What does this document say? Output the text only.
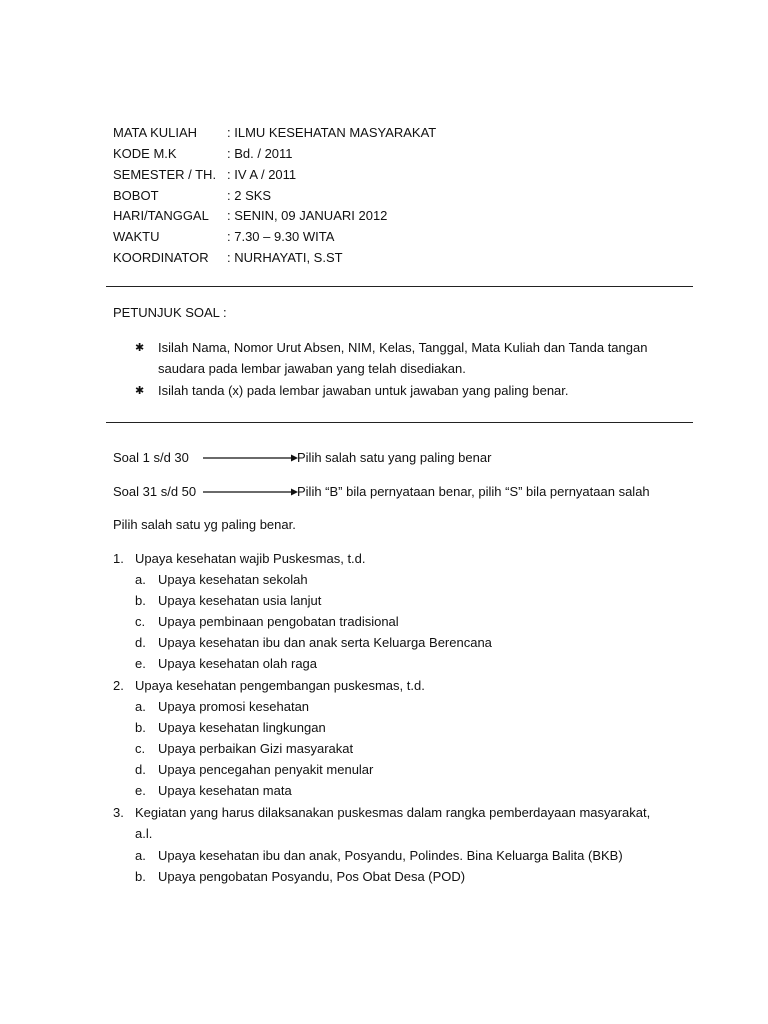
MATA KULIAH : ILMU KESEHATAN MASYARAKAT
KODE M.K	: Bd. / 2011
SEMESTER / TH. : IV A / 2011
BOBOT	: 2 SKS
HARI/TANGGAL : SENIN, 09 JANUARI 2012
WAKTU	: 7.30 – 9.30 WITA
KOORDINATOR : NURHAYATI, S.ST
PETUNJUK SOAL :
✱ Isilah Nama, Nomor Urut Absen, NIM, Kelas, Tanggal, Mata Kuliah dan Tanda tangan
saudara pada lembar jawaban yang telah disediakan.
✱ Isilah tanda (x) pada lembar jawaban untuk jawaban yang paling benar.
Soal 1 s/d 30	Pilih salah satu yang paling benar
Soal 31 s/d 50	Pilih “B” bila pernyataan benar, pilih “S” bila pernyataan salah
Pilih salah satu yg paling benar.
1. Upaya kesehatan wajib Puskesmas, t.d.
a. Upaya kesehatan sekolah
b. Upaya kesehatan usia lanjut
c. Upaya pembinaan pengobatan tradisional
d. Upaya kesehatan ibu dan anak serta Keluarga Berencana
e. Upaya kesehatan olah raga
2. Upaya kesehatan pengembangan puskesmas, t.d.
a. Upaya promosi kesehatan
b. Upaya kesehatan lingkungan
c. Upaya perbaikan Gizi masyarakat
d. Upaya pencegahan penyakit menular
e. Upaya kesehatan mata
3. Kegiatan yang harus dilaksanakan puskesmas dalam rangka pemberdayaan masyarakat,
a.l.
a. Upaya kesehatan ibu dan anak, Posyandu, Polindes. Bina Keluarga Balita (BKB)
b. Upaya pengobatan Posyandu, Pos Obat Desa (POD)
